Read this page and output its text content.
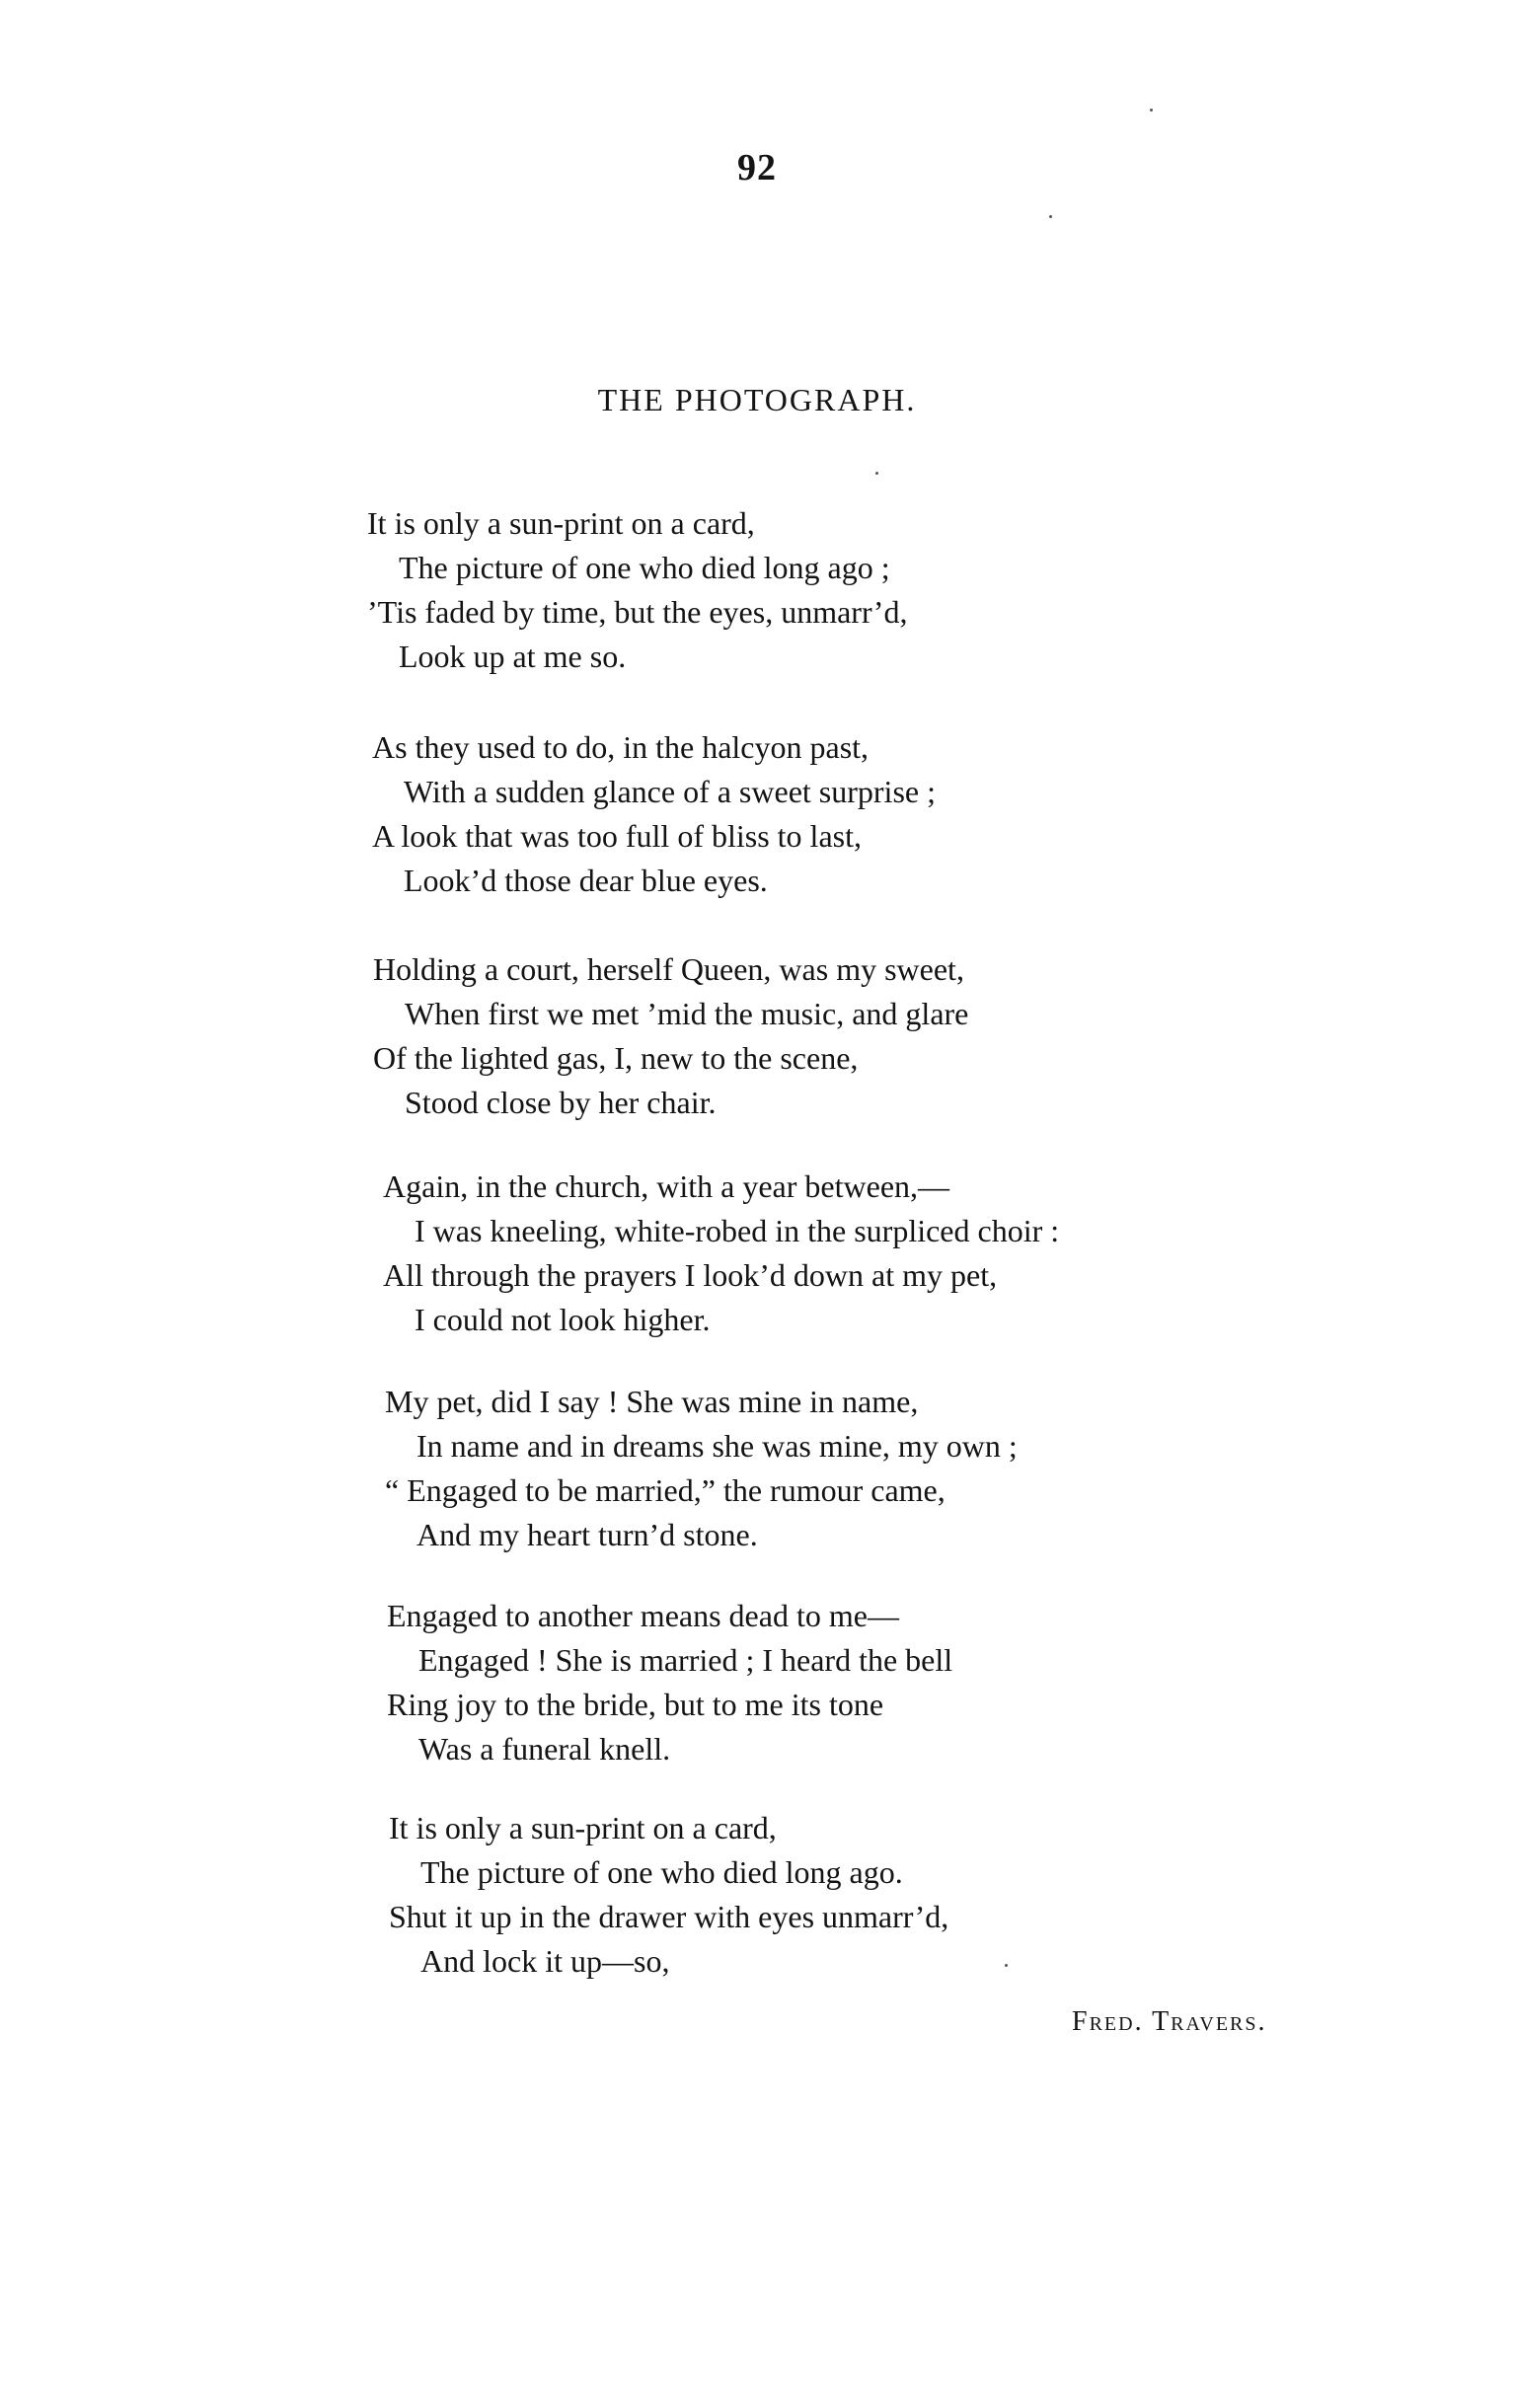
92
THE PHOTOGRAPH.
It is only a sun-print on a card,
The picture of one who died long ago ;
’Tis faded by time, but the eyes, unmarr’d,
Look up at me so.
As they used to do, in the halcyon past,
With a sudden glance of a sweet surprise ;
A look that was too full of bliss to last,
Look’d those dear blue eyes.
Holding a court, herself Queen, was my sweet,
When first we met ’mid the music, and glare
Of the lighted gas, I, new to the scene,
Stood close by her chair.
Again, in the church, with a year between,—
I was kneeling, white-robed in the surpliced choir :
All through the prayers I look’d down at my pet,
I could not look higher.
My pet, did I say ! She was mine in name,
In name and in dreams she was mine, my own ;
“ Engaged to be married,” the rumour came,
And my heart turn’d stone.
Engaged to another means dead to me—
Engaged ! She is married ; I heard the bell
Ring joy to the bride, but to me its tone
Was a funeral knell.
It is only a sun-print on a card,
The picture of one who died long ago.
Shut it up in the drawer with eyes unmarr’d,
And lock it up—so,
Fred. Travers.
